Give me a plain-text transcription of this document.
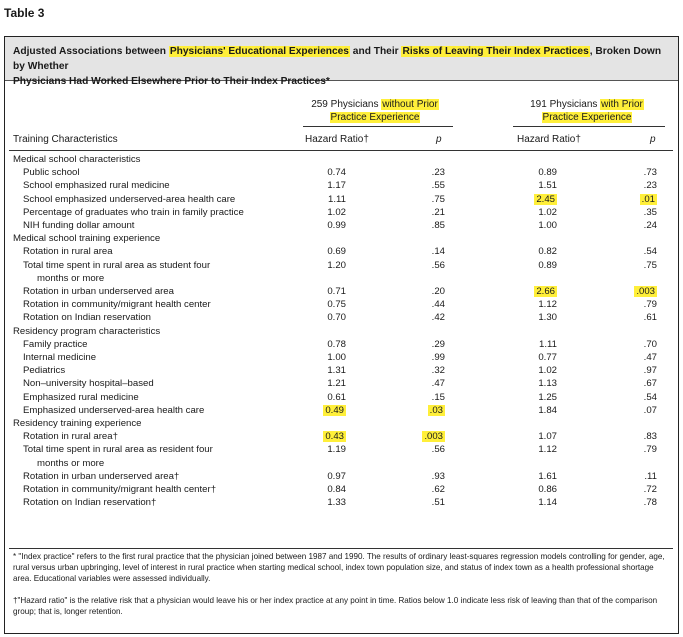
Table 3
Adjusted Associations between Physicians' Educational Experiences and Their Risks of Leaving Their Index Practices, Broken Down by Whether
Physicians Had Worked Elsewhere Prior to Their Index Practices*
259 Physicians without Prior
Practice Experience
191 Physicians with Prior
Practice Experience
Training Characteristics	Hazard Ratio†	p	Hazard Ratio†	p
Medical school characteristics
Public school	0.74	.23	0.89	.73
School emphasized rural medicine	1.17	.55	1.51	.23
School emphasized underserved-area health care	1.11	.75	2.45	.01
Percentage of graduates who train in family practice	1.02	.21	1.02	.35
NIH funding dollar amount	0.99	.85	1.00	.24
Medical school training experience
Rotation in rural area	0.69	.14	0.82	.54
Total time spent in rural area as student four	1.20	.56	0.89	.75
months or more
Rotation in urban underserved area	0.71	.20	2.66	.003
Rotation in community/migrant health center	0.75	.44	1.12	.79
Rotation on Indian reservation	0.70	.42	1.30	.61
Residency program characteristics
Family practice	0.78	.29	1.11	.70
Internal medicine	1.00	.99	0.77	.47
Pediatrics	1.31	.32	1.02	.97
Non–university hospital–based	1.21	.47	1.13	.67
Emphasized rural medicine	0.61	.15	1.25	.54
Emphasized underserved-area health care	0.49	.03	1.84	.07
Residency training experience
Rotation in rural area†	0.43	.003	1.07	.83
Total time spent in rural area as resident four	1.19	.56	1.12	.79
months or more
Rotation in urban underserved area†	0.97	.93	1.61	.11
Rotation in community/migrant health center†	0.84	.62	0.86	.72
Rotation on Indian reservation†	1.33	.51	1.14	.78
* "Index practice" refers to the first rural practice that the physician joined between 1987 and 1990. The results of ordinary least-squares regression models controlling for gender, age, rural versus urban upbringing, level of interest in rural practice when starting medical school, index town population size, and status of index town as a health professional shortage area. Educational variables were assessed individually.
†"Hazard ratio" is the relative risk that a physician would leave his or her index practice at any point in time. Ratios below 1.0 indicate less risk of leaving than that of the comparison group; that is, longer retention.
